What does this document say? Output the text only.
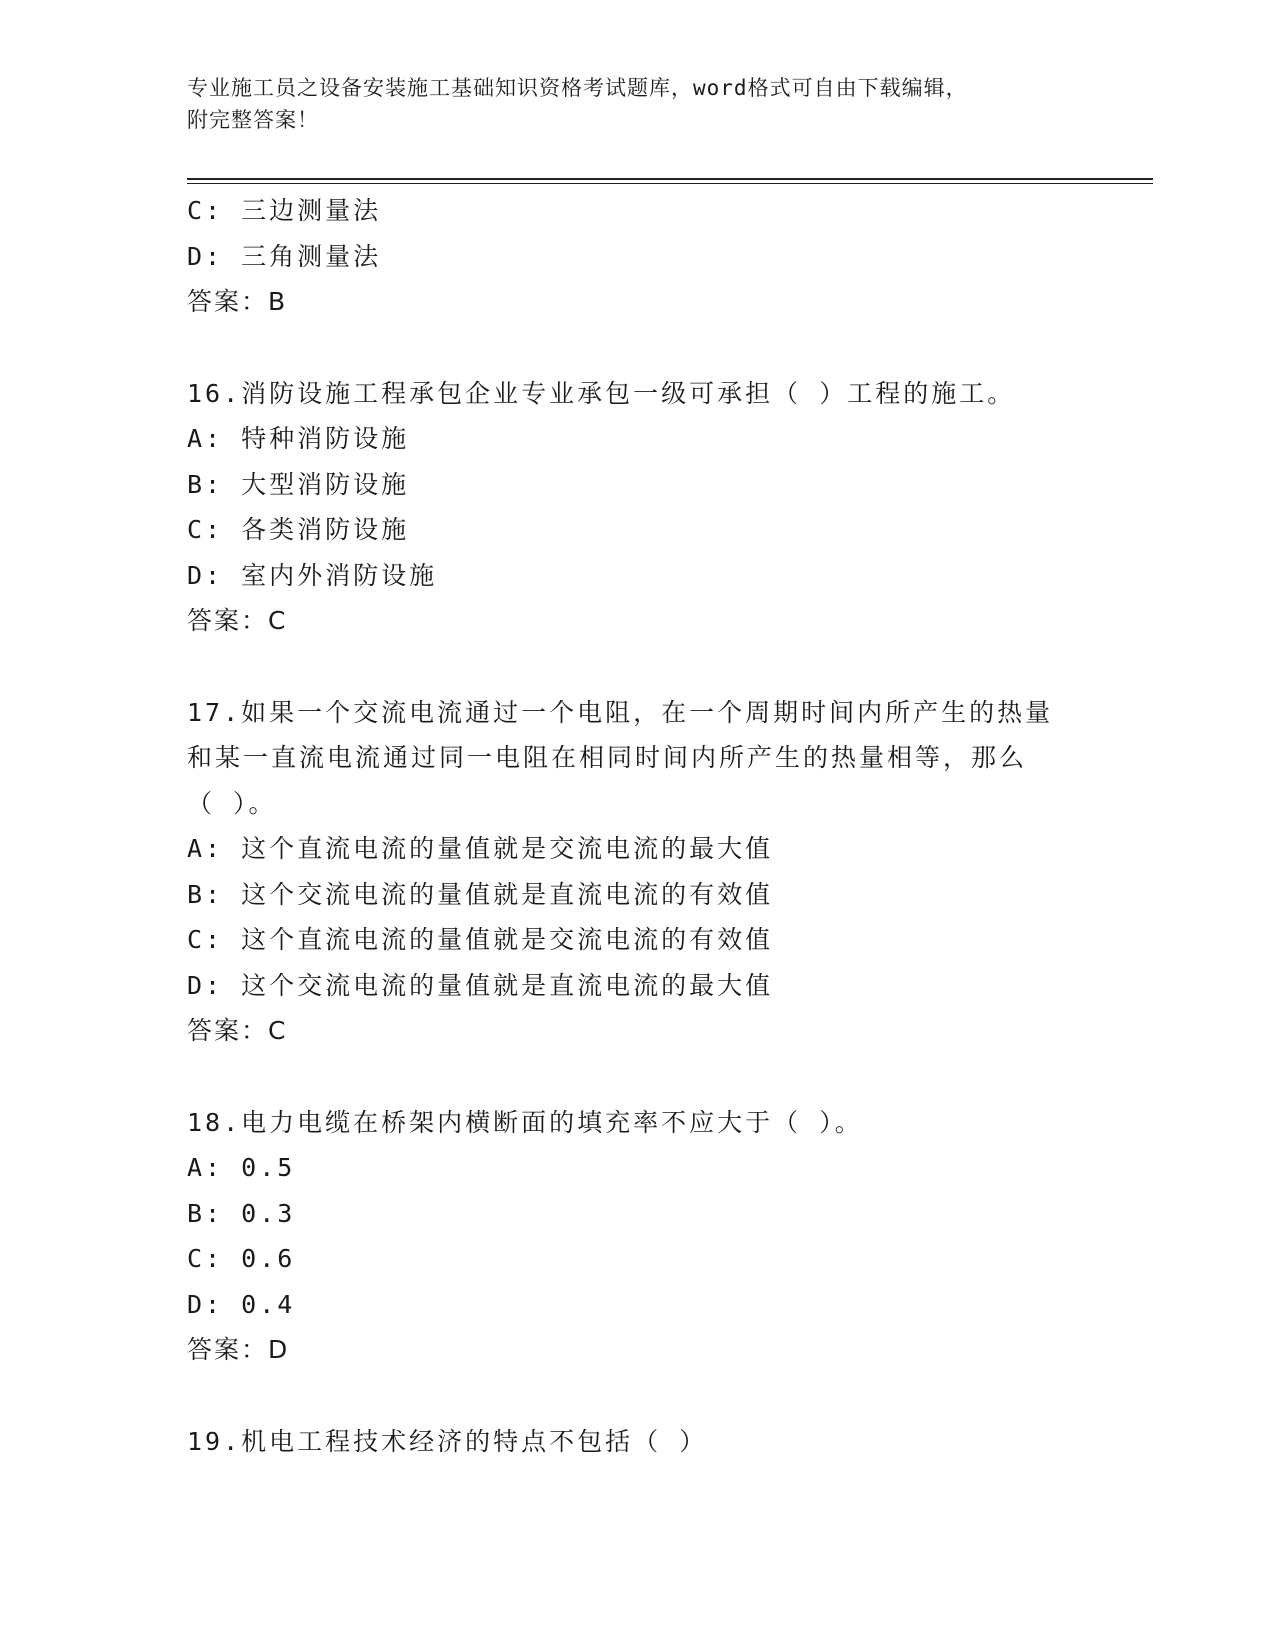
专业施工员之设备安装施工基础知识资格考试题库，word格式可自由下载编辑，
附完整答案！
C: 三边测量法
D: 三角测量法
答案：B
16.消防设施工程承包企业专业承包一级可承担（ ）工程的施工。
A: 特种消防设施
B: 大型消防设施
C: 各类消防设施
D: 室内外消防设施
答案：C
17.如果一个交流电流通过一个电阻，在一个周期时间内所产生的热量
和某一直流电流通过同一电阻在相同时间内所产生的热量相等，那么
（ ）。
A: 这个直流电流的量值就是交流电流的最大值
B: 这个交流电流的量值就是直流电流的有效值
C: 这个直流电流的量值就是交流电流的有效值
D: 这个交流电流的量值就是直流电流的最大值
答案：C
18.电力电缆在桥架内横断面的填充率不应大于（ ）。
A: 0.5
B: 0.3
C: 0.6
D: 0.4
答案：D
19.机电工程技术经济的特点不包括（ ）
